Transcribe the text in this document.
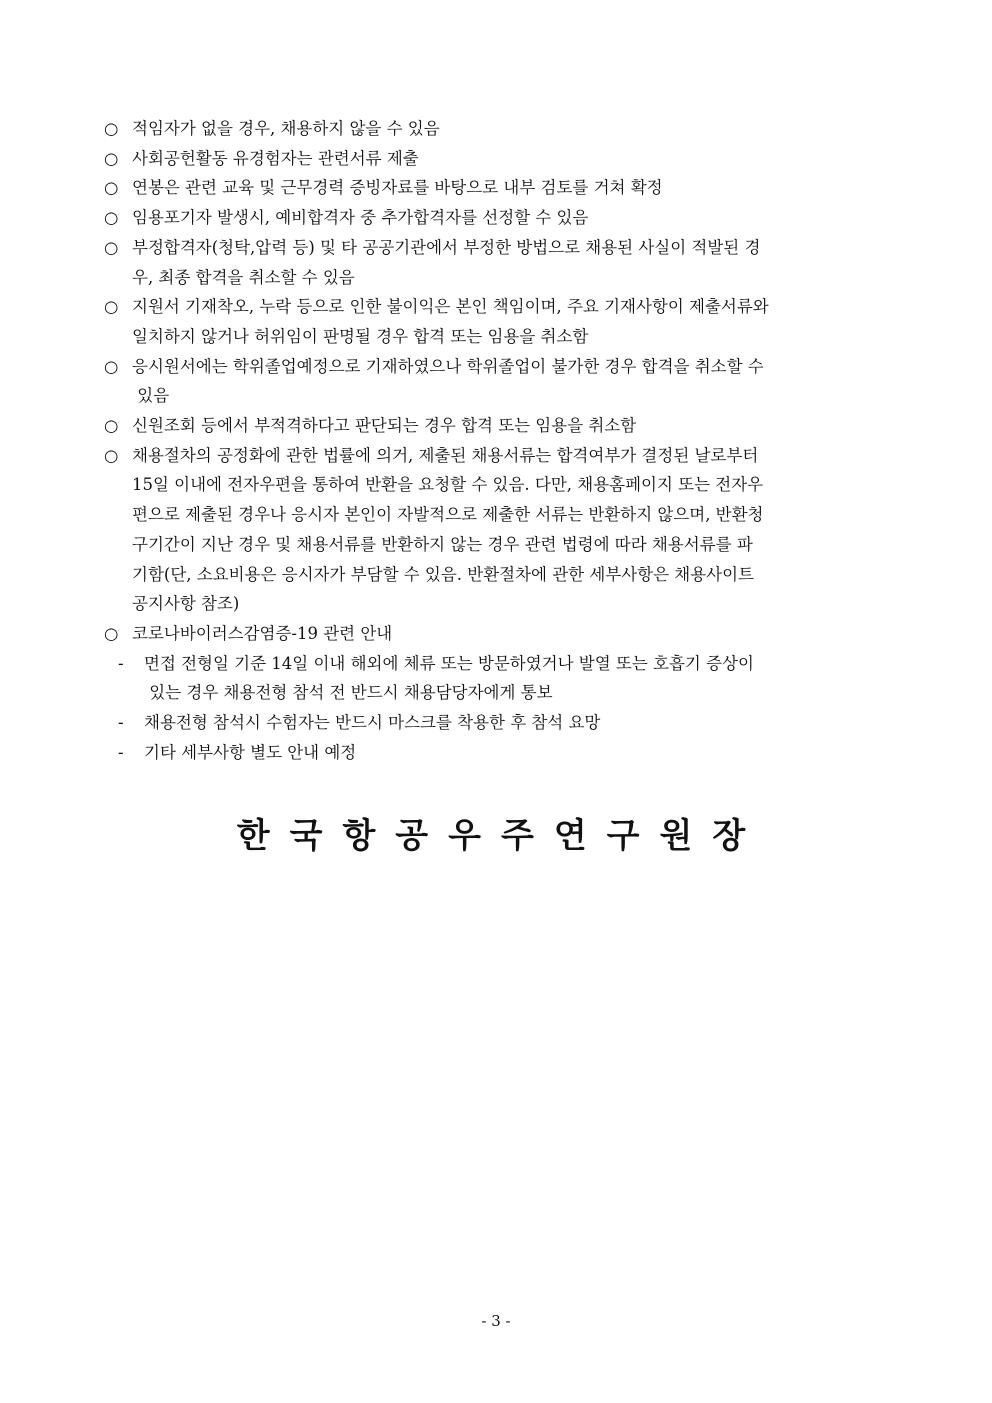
○ 적임자가 없을 경우, 채용하지 않을 수 있음
○ 사회공헌활동 유경험자는 관련서류 제출
○ 연봉은 관련 교육 및 근무경력 증빙자료를 바탕으로 내부 검토를 거쳐 확정
○ 임용포기자 발생시, 예비합격자 중 추가합격자를 선정할 수 있음
○ 부정합격자(청탁,압력 등) 및 타 공공기관에서 부정한 방법으로 채용된 사실이 적발된 경
우, 최종 합격을 취소할 수 있음
○ 지원서 기재착오, 누락 등으로 인한 불이익은 본인 책임이며, 주요 기재사항이 제출서류와
일치하지 않거나 허위임이 판명될 경우 합격 또는 임용을 취소함
○ 응시원서에는 학위졸업예정으로 기재하였으나 학위졸업이 불가한 경우 합격을 취소할 수
있음
○ 신원조회 등에서 부적격하다고 판단되는 경우 합격 또는 임용을 취소함
○ 채용절차의 공정화에 관한 법률에 의거, 제출된 채용서류는 합격여부가 결정된 날로부터
15일 이내에 전자우편을 통하여 반환을 요청할 수 있음. 다만, 채용홈페이지 또는 전자우
편으로 제출된 경우나 응시자 본인이 자발적으로 제출한 서류는 반환하지 않으며, 반환청
구기간이 지난 경우 및 채용서류를 반환하지 않는 경우 관련 법령에 따라 채용서류를 파
기함(단, 소요비용은 응시자가 부담할 수 있음. 반환절차에 관한 세부사항은 채용사이트
공지사항 참조)
○ 코로나바이러스감염증-19 관련 안내
-	면접 전형일 기준 14일 이내 해외에 체류 또는 방문하였거나 발열 또는 호흡기 증상이
있는 경우 채용전형 참석 전 반드시 채용담당자에게 통보
-	채용전형 참석시 수험자는 반드시 마스크를 착용한 후 참석 요망
-	기타 세부사항 별도 안내 예정
한국항공우주연구원장
- 3 -
